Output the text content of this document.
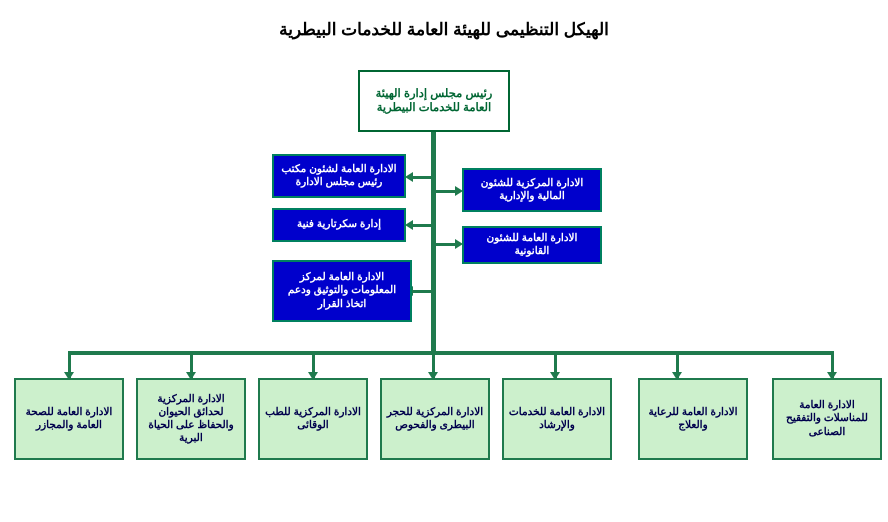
الهيكل التنظيمى للهيئة العامة للخدمات البيطرية
رئيس مجلس إدارة الهيئة العامة للخدمات البيطرية
الادارة العامة لشئون مكتب رئيس مجلس الادارة
إدارة سكرتارية فنية
الادارة العامة لمركز المعلومات والتوثيق ودعم اتخاذ القرار
الادارة المركزية للشئون المالية والإدارية
الادارة العامة للشئون القانونية
الادارة العامة للصحة العامة والمجازر
الادارة المركزية لحدائق الحيوان والحفاظ على الحياة البرية
الادارة المركزية للطب الوقائى
الادارة المركزية للحجر البيطرى والفحوص
الادارة العامة للخدمات والإرشاد
الادارة العامة للرعاية والعلاج
الادارة العامة للمناسلات والتفقيح الصناعى
